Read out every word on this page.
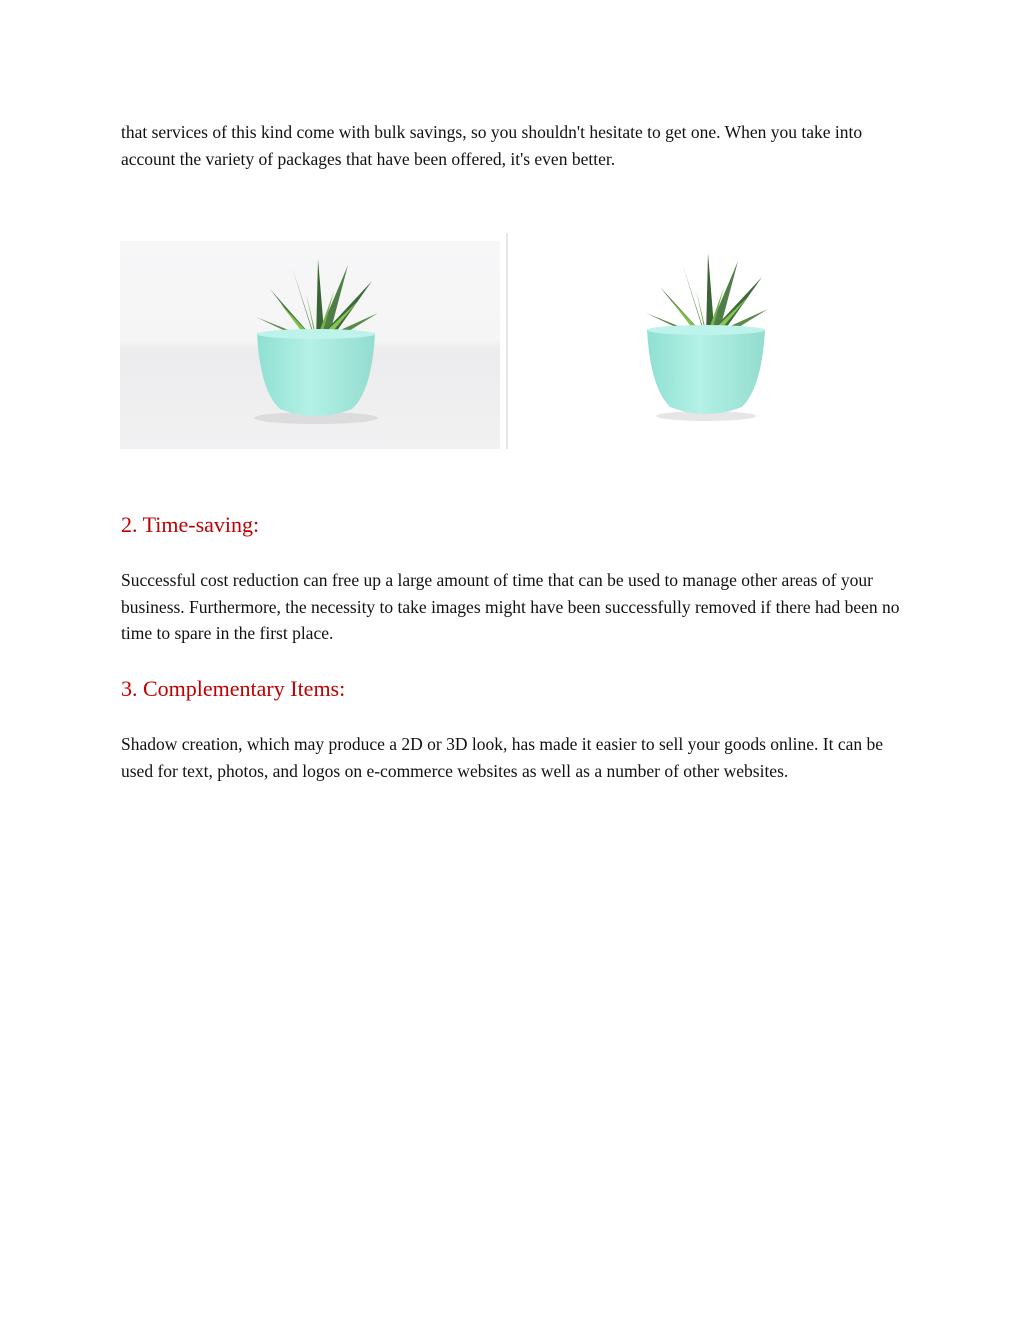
that services of this kind come with bulk savings, so you shouldn't hesitate to get one. When you take into account the variety of packages that have been offered, it's even better.

2. Time-saving:

Successful cost reduction can free up a large amount of time that can be used to manage other areas of your business. Furthermore, the necessity to take images might have been successfully removed if there had been no time to spare in the first place.

3. Complementary Items:

Shadow creation, which may produce a 2D or 3D look, has made it easier to sell your goods online. It can be used for text, photos, and logos on e-commerce websites as well as a number of other websites.
